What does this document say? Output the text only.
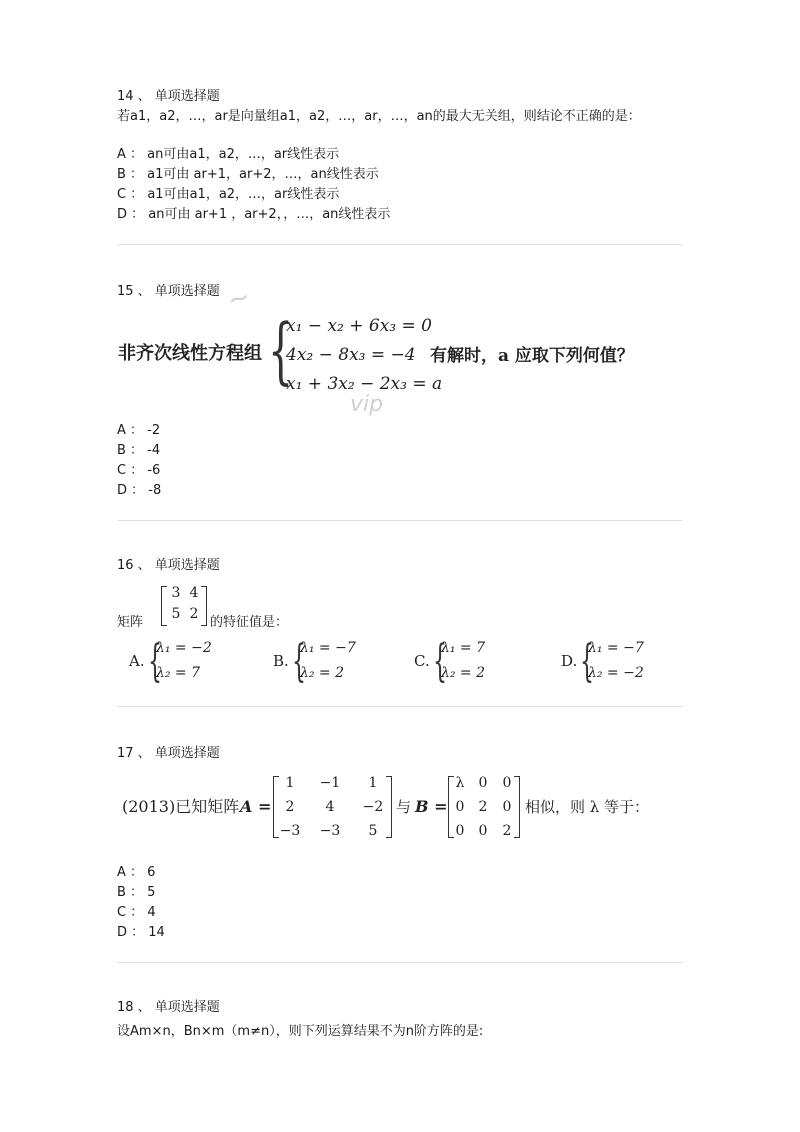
14 、 单项选择题
若a1，a2，…，ar是向量组a1，a2，…，ar，…，an的最大无关组，则结论不正确的是：
A ： an可由a1，a2，…，ar线性表示
B ： a1可由 ar+1，ar+2，…，an线性表示
C ： a1可由a1，a2，…，ar线性表示
D ： an可由 ar+1 ，ar+2，，…，an线性表示
15 、 单项选择题 ~
非齐次线性方程组 {
x₁ − x₂ + 6x₃ = 0
4x₂ − 8x₃ = −4
x₁ + 3x₂ − 2x₃ = a
有解时，a 应取下列何值？
vip
A ： -2
B ： -4
C ： -6
D ： -8
16 、 单项选择题
3 4
5 2
矩阵	的特征值是：
A. {
λ₁ = −2
λ₂ = 7
B. {
λ₁ = −7
λ₂ = 2
C. {
λ₁ = 7
λ₂ = 2
D. {
λ₁ = −7
λ₂ = −2
17 、 单项选择题
(2013)已知矩阵 A =
1	−1	1
2	4	−2
−3 −3	5
与 B =
λ	0	0
0	2	0
0	0	2
相似，则 λ 等于：
A ： 6
B ： 5
C ： 4
D ： 14
18 、 单项选择题
设Am×n，Bn×m（m≠n），则下列运算结果不为n阶方阵的是:
